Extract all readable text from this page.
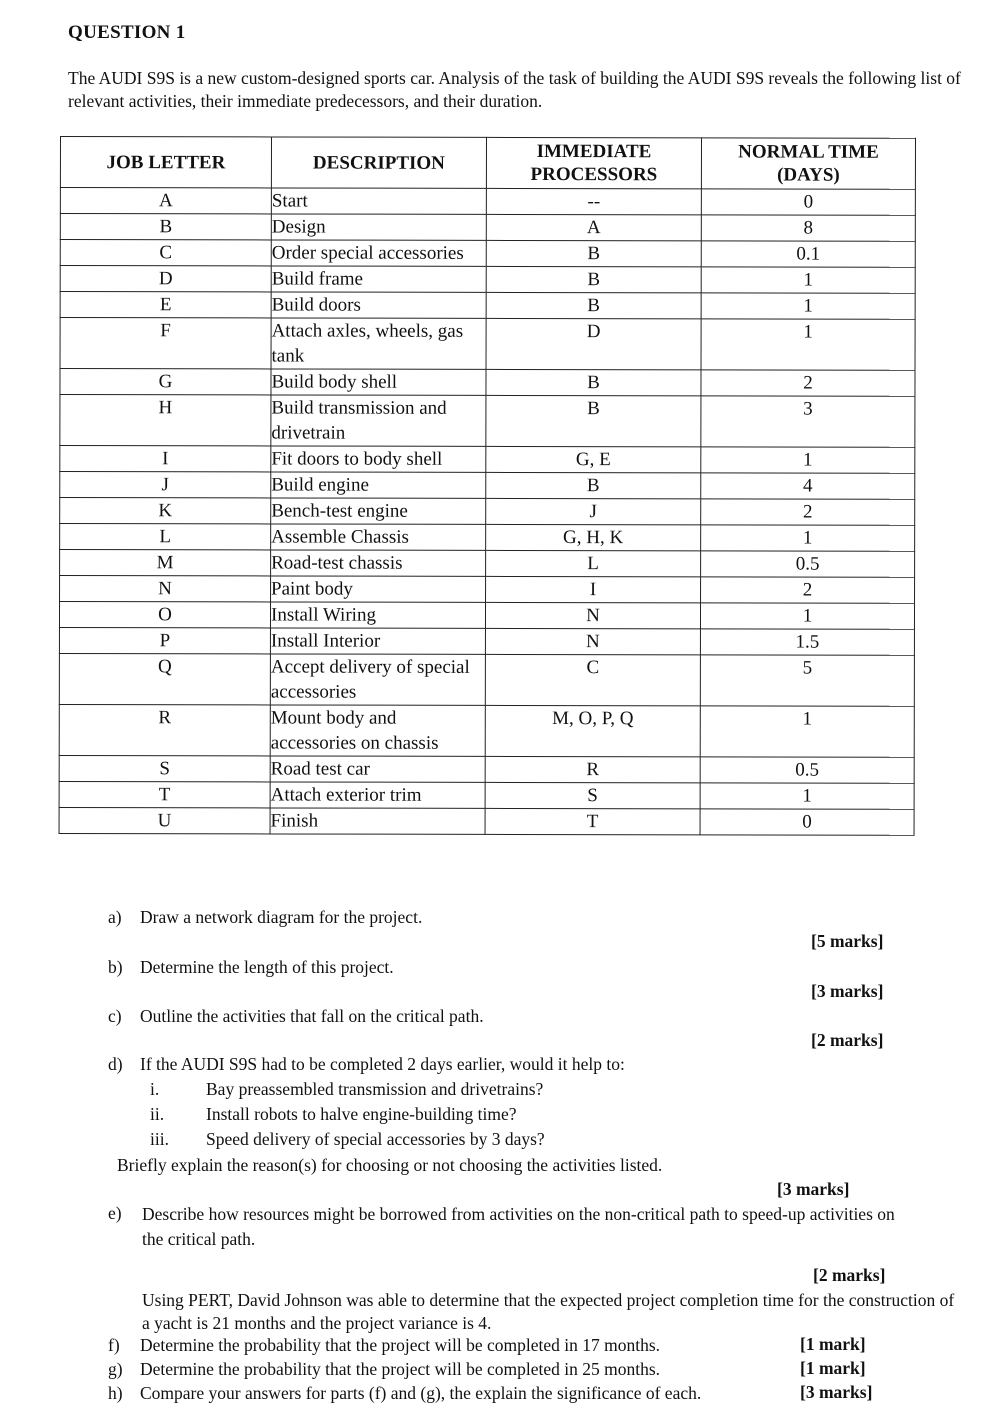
QUESTION 1
The AUDI S9S is a new custom-designed sports car. Analysis of the task of building the AUDI S9S reveals the following list of relevant activities, their immediate predecessors, and their duration.
JOB LETTER	DESCRIPTION	IMMEDIATE PROCESSORS	NORMAL TIME (DAYS)
A	Start	--	0
B	Design	A	8
C	Order special accessories	B	0.1
D	Build frame	B	1
E	Build doors	B	1
F	Attach axles, wheels, gas tank	D	1
G	Build body shell	B	2
H	Build transmission and drivetrain	B	3
I	Fit doors to body shell	G, E	1
J	Build engine	B	4
K	Bench-test engine	J	2
L	Assemble Chassis	G, H, K	1
M	Road-test chassis	L	0.5
N	Paint body	I	2
O	Install Wiring	N	1
P	Install Interior	N	1.5
Q	Accept delivery of special accessories	C	5
R	Mount body and accessories on chassis	M, O, P, Q	1
S	Road test car	R	0.5
T	Attach exterior trim	S	1
U	Finish	T	0
a) Draw a network diagram for the project.
[5 marks]
b) Determine the length of this project.
[3 marks]
c) Outline the activities that fall on the critical path.
[2 marks]
d) If the AUDI S9S had to be completed 2 days earlier, would it help to:
i.	Bay preassembled transmission and drivetrains?
ii. Install robots to halve engine-building time?
iii. Speed delivery of special accessories by 3 days?
Briefly explain the reason(s) for choosing or not choosing the activities listed.
[3 marks]
e)	Describe how resources might be borrowed from activities on the non-critical path to speed-up activities on the critical path.
[2 marks]
Using PERT, David Johnson was able to determine that the expected project completion time for the construction of a yacht is 21 months and the project variance is 4.
f) Determine the probability that the project will be completed in 17 months.	[1 mark]
g) Determine the probability that the project will be completed in 25 months.	[1 mark]
h) Compare your answers for parts (f) and (g), the explain the significance of each.	[3 marks]
